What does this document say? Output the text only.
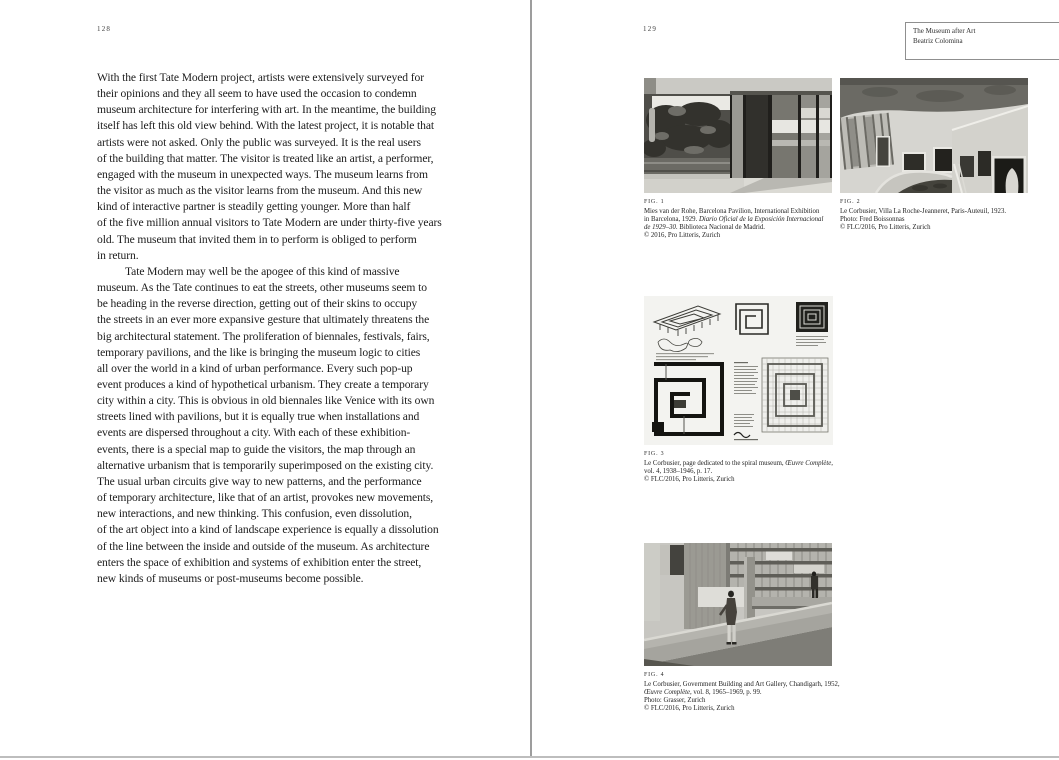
128
With the first Tate Modern project, artists were extensively surveyed for
their opinions and they all seem to have used the occasion to condemn
museum architecture for interfering with art. In the meantime, the building
itself has left this old view behind. With the latest project, it is notable that
artists were not asked. Only the public was surveyed. It is the real users
of the building that matter. The visitor is treated like an artist, a performer,
engaged with the museum in unexpected ways. The museum learns from
the visitor as much as the visitor learns from the museum. And this new
kind of interactive partner is steadily getting younger. More than half
of the five million annual visitors to Tate Modern are under thirty-five years
old. The museum that invited them in to perform is obliged to perform
in return.
Tate Modern may well be the apogee of this kind of massive
museum. As the Tate continues to eat the streets, other museums seem to
be heading in the reverse direction, getting out of their skins to occupy
the streets in an ever more expansive gesture that ultimately threatens the
big architectural statement. The proliferation of biennales, festivals, fairs,
temporary pavilions, and the like is bringing the museum logic to cities
all over the world in a kind of urban performance. Every such pop-up
event produces a kind of hypothetical urbanism. They create a temporary
city within a city. This is obvious in old biennales like Venice with its own
streets lined with pavilions, but it is equally true when installations and
events are dispersed throughout a city. With each of these exhibition-
events, there is a special map to guide the visitors, the map through an
alternative urbanism that is temporarily superimposed on the existing city.
The usual urban circuits give way to new patterns, and the performance
of temporary architecture, like that of an artist, provokes new movements,
new interactions, and new thinking. This confusion, even dissolution,
of the art object into a kind of landscape experience is equally a dissolution
of the line between the inside and outside of the museum. As architecture
enters the space of exhibition and systems of exhibition enter the street,
new kinds of museums or post-museums become possible.
129	The Museum after Art
Beatriz Colomina
FIG. 1
Mies van der Rohe, Barcelona Pavilion, International Exhibition
in Barcelona, 1929. Diario Oficial de la Exposición Internacional
de 1929–30. Biblioteca Nacional de Madrid.
© 2016, Pro Litteris, Zurich
FIG. 2
Le Corbusier, Villa La Roche-Jeanneret, Paris-Auteuil, 1923.
Photo: Fred Boissonnas
© FLC/2016, Pro Litteris, Zurich
FIG. 3
Le Corbusier, page dedicated to the spiral museum, Œuvre Complète,
vol. 4, 1938–1946, p. 17.
© FLC/2016, Pro Litteris, Zurich
FIG. 4
Le Corbusier, Government Building and Art Gallery, Chandigarh, 1952,
Œuvre Complète, vol. 8, 1965–1969, p. 99.
Photo: Grasser, Zurich
© FLC/2016, Pro Litteris, Zurich
